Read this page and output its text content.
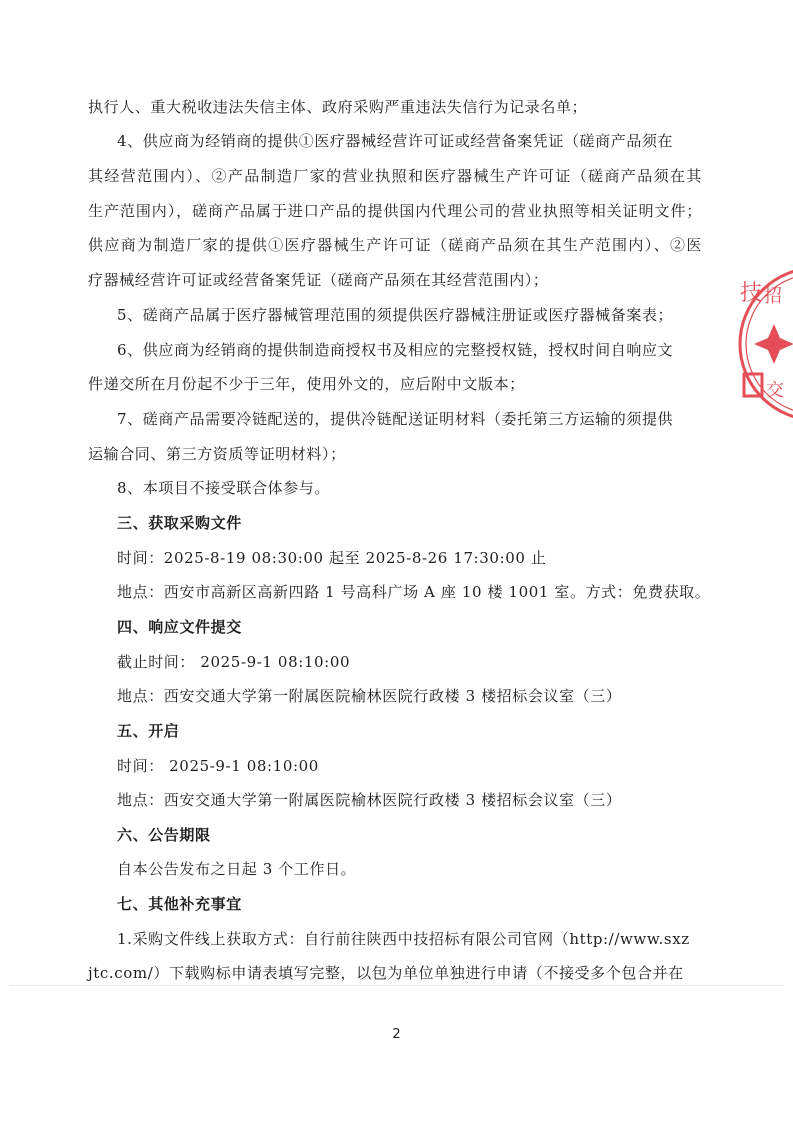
执行人、重大税收违法失信主体、政府采购严重违法失信行为记录名单；
4、供应商为经销商的提供①医疗器械经营许可证或经营备案凭证（磋商产品须在
其经营范围内）、②产品制造厂家的营业执照和医疗器械生产许可证（磋商产品须在其
生产范围内），磋商产品属于进口产品的提供国内代理公司的营业执照等相关证明文件；
供应商为制造厂家的提供①医疗器械生产许可证（磋商产品须在其生产范围内）、②医
疗器械经营许可证或经营备案凭证（磋商产品须在其经营范围内）；
5、磋商产品属于医疗器械管理范围的须提供医疗器械注册证或医疗器械备案表；
6、供应商为经销商的提供制造商授权书及相应的完整授权链，授权时间自响应文
件递交所在月份起不少于三年，使用外文的，应后附中文版本；
7、磋商产品需要冷链配送的，提供冷链配送证明材料（委托第三方运输的须提供
运输合同、第三方资质等证明材料）；
8、本项目不接受联合体参与。
三、获取采购文件
时间：2025-8-19 08:30:00 起至 2025-8-26 17:30:00 止
地点：西安市高新区高新四路 1 号高科广场 A 座 10 楼 1001 室。方式：免费获取。
四、响应文件提交
截止时间： 2025-9-1 08:10:00
地点：西安交通大学第一附属医院榆林医院行政楼 3 楼招标会议室（三）
五、开启
时间： 2025-9-1 08:10:00
地点：西安交通大学第一附属医院榆林医院行政楼 3 楼招标会议室（三）
六、公告期限
自本公告发布之日起 3 个工作日。
七、其他补充事宜
1.采购文件线上获取方式：自行前往陕西中技招标有限公司官网（http://www.sxz
jtc.com/）下载购标申请表填写完整，以包为单位单独进行申请（不接受多个包合并在
2
技 招
交
